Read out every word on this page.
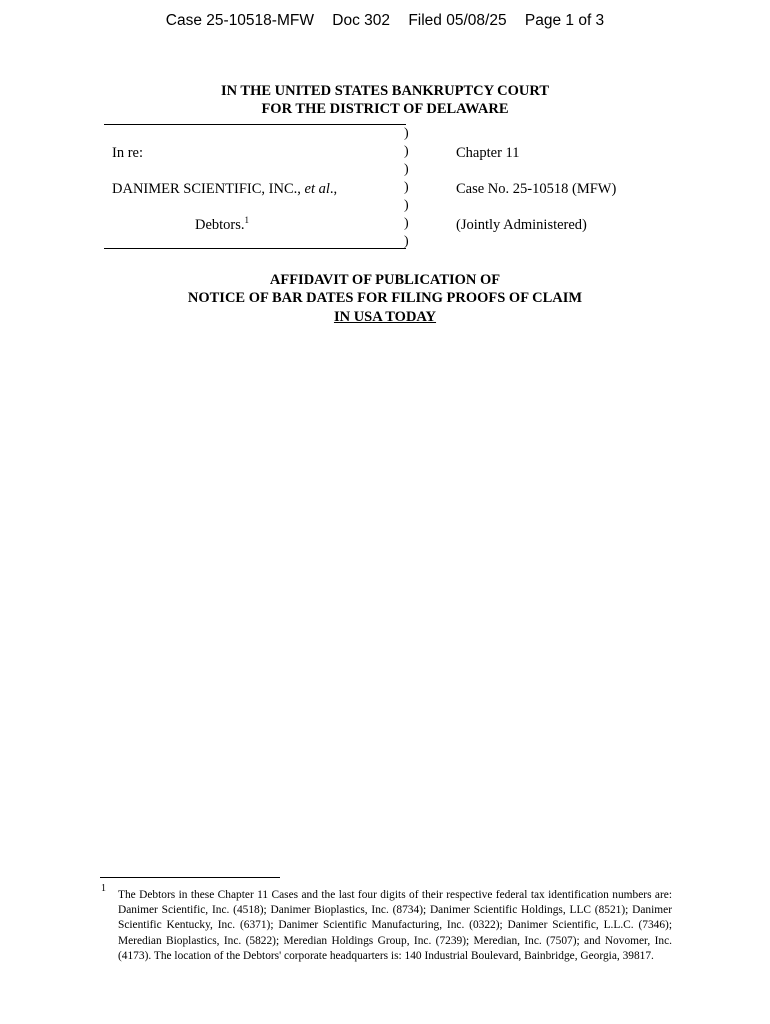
Case 25-10518-MFW Doc 302 Filed 05/08/25 Page 1 of 3
IN THE UNITED STATES BANKRUPTCY COURT
FOR THE DISTRICT OF DELAWARE
)
)
)
)
)
)
)
In re:
DANIMER SCIENTIFIC, INC., et al.,
Debtors.$^1$
Chapter 11
Case No. 25-10518 (MFW)
(Jointly Administered)
AFFIDAVIT OF PUBLICATION OF
NOTICE OF BAR DATES FOR FILING PROOFS OF CLAIM
IN USA TODAY
1
The Debtors in these Chapter 11 Cases and the last four digits of their respective federal tax identification numbers are: Danimer Scientific, Inc. (4518); Danimer Bioplastics, Inc. (8734); Danimer Scientific Holdings, LLC (8521); Danimer Scientific Kentucky, Inc. (6371); Danimer Scientific Manufacturing, Inc. (0322); Danimer Scientific, L.L.C. (7346); Meredian Bioplastics, Inc. (5822); Meredian Holdings Group, Inc. (7239); Meredian, Inc. (7507); and Novomer, Inc. (4173). The location of the Debtors' corporate headquarters is: 140 Industrial Boulevard, Bainbridge, Georgia, 39817.
